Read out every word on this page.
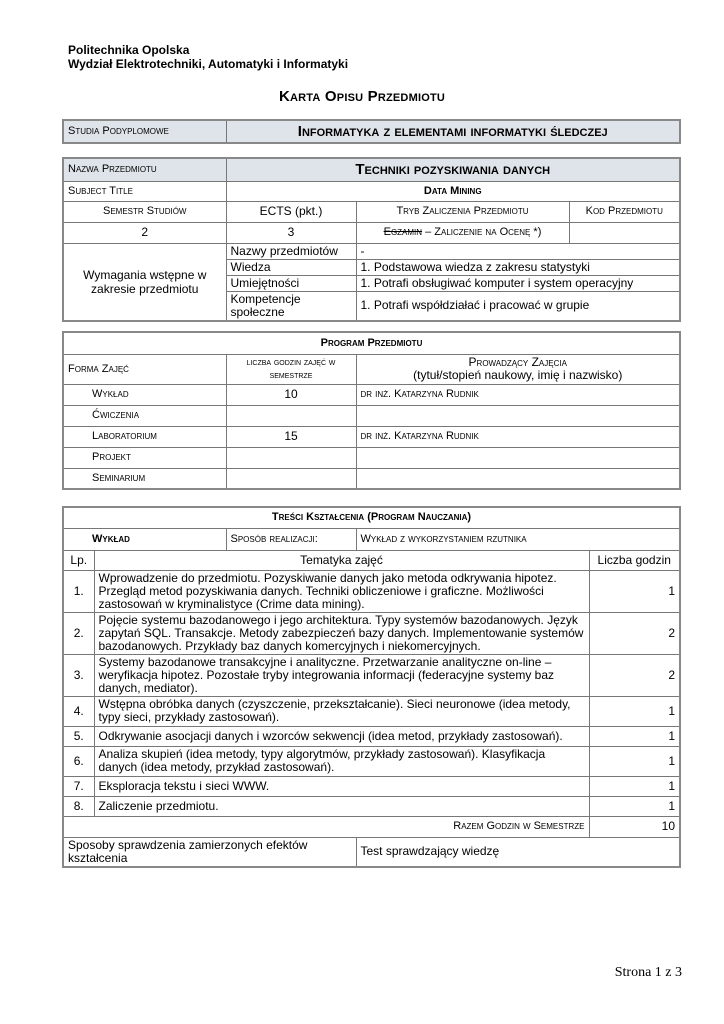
Politechnika Opolska
Wydział Elektrotechniki, Automatyki i Informatyki
Karta Opisu Przedmiotu
Studia Podyplomowe	Informatyka z elementami informatyki śledczej
Nazwa Przedmiotu	Techniki pozyskiwania danych		
Subject Title	Data Mining		
Semestr Studiów	ECTS (pkt.)	Tryb Zaliczenia Przedmiotu	Kod Przedmiotu
2	3	Egzamin – Zaliczenie na Ocenę *)	
Wymagania wstępne w zakresie przedmiotu	Nazwy przedmiotów	-	
	Wiedza	1. Podstawowa wiedza z zakresu statystyki	
	Umiejętności	1. Potrafi obsługiwać komputer i system operacyjny	
	Kompetencje społeczne	1. Potrafi współdziałać i pracować w grupie	
Program Przedmiotu		
Forma Zajęć	liczba godzin zajęć w semestrze	Prowadzący Zajęcia
(tytuł/stopień naukowy, imię i nazwisko)

Wykład	10	dr inż. Katarzyna Rudnik
Ćwiczenia		
Laboratorium	15	dr inż. Katarzyna Rudnik
Projekt		
Seminarium		
Treści Kształcenia (Program Nauczania)				
Wykład		Sposób realizacji:	Wykład z wykorzystaniem rzutnika	
Lp.	Tematyka zajęć			Liczba godzin
1.	Wprowadzenie do przedmiotu. Pozyskiwanie danych jako metoda odkrywania hipotez. Przegląd metod pozyskiwania danych. Techniki obliczeniowe i graficzne. Możliwości zastosowań w kryminalistyce (Crime data mining).			1
2.	Pojęcie systemu bazodanowego i jego architektura. Typy systemów bazodanowych. Język zapytań SQL. Transakcje. Metody zabezpieczeń bazy danych. Implementowanie systemów bazodanowych. Przykłady baz danych komercyjnych i niekomercyjnych.			2
3.	Systemy bazodanowe transakcyjne i analityczne. Przetwarzanie analityczne on-line – weryfikacja hipotez. Pozostałe tryby integrowania informacji (federacyjne systemy baz danych, mediator).			2
4.	Wstępna obróbka danych (czyszczenie, przekształcanie). Sieci neuronowe (idea metody, typy sieci, przykłady zastosowań).			1
5.	Odkrywanie asocjacji danych i wzorców sekwencji (idea metod, przykłady zastosowań).			1
6.	Analiza skupień (idea metody, typy algorytmów, przykłady zastosowań). Klasyfikacja danych (idea metody, przykład zastosowań).			1
7.	Eksploracja tekstu i sieci WWW.			1
8.	Zaliczenie przedmiotu.			1
Razem Godzin w Semestrze				10
Sposoby sprawdzenia zamierzonych efektów kształcenia			Test sprawdzający wiedzę	
Strona 1 z 3
